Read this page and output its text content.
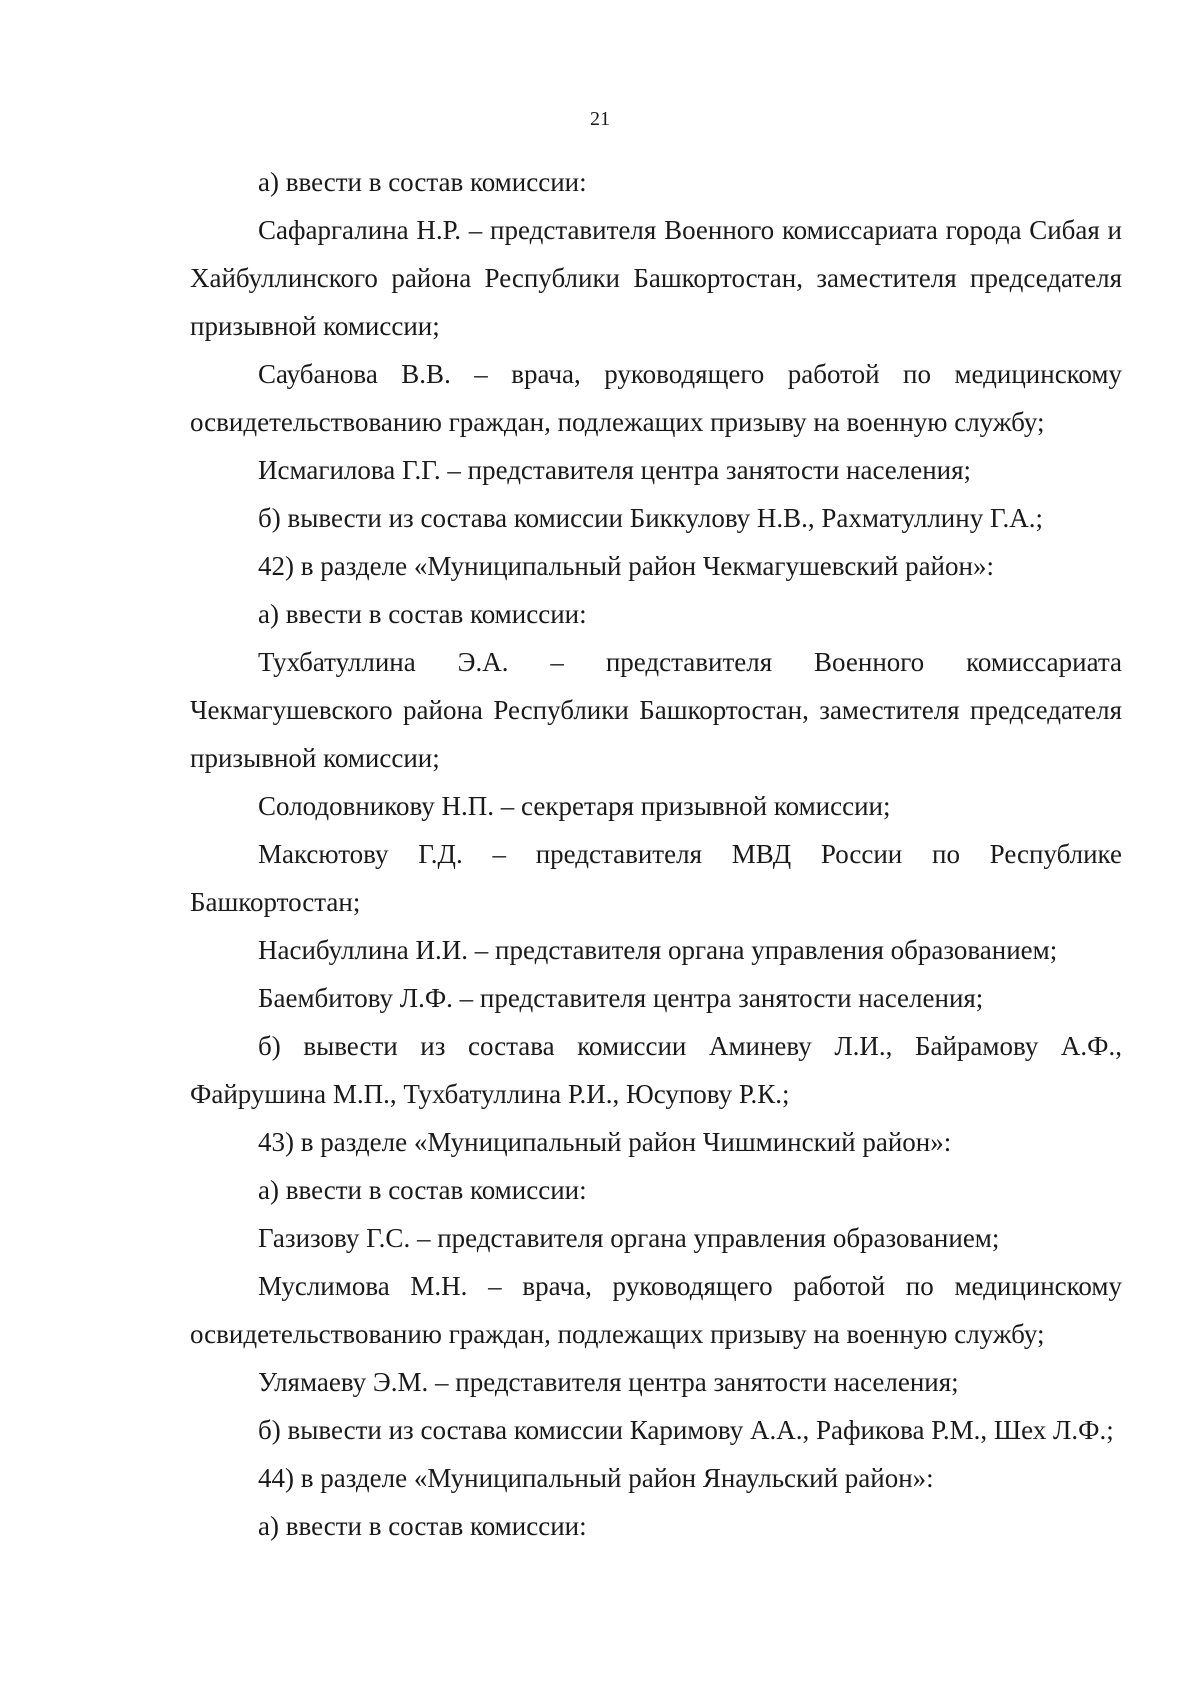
21

а) ввести в состав комиссии:

Сафаргалина Н.Р. – представителя Военного комиссариата города Сибая и Хайбуллинского района Республики Башкортостан, заместителя председателя призывной комиссии;

Саубанова В.В. – врача, руководящего работой по медицинскому освидетельствованию граждан, подлежащих призыву на военную службу;

Исмагилова Г.Г. – представителя центра занятости населения;

б) вывести из состава комиссии Биккулову Н.В., Рахматуллину Г.А.;

42) в разделе «Муниципальный район Чекмагушевский район»:

а) ввести в состав комиссии:

Тухбатуллина Э.А. – представителя Военного комиссариата Чекмагушевского района Республики Башкортостан, заместителя председателя призывной комиссии;

Солодовникову Н.П. – секретаря призывной комиссии;

Максютову Г.Д. – представителя МВД России по Республике Башкортостан;

Насибуллина И.И. – представителя органа управления образованием;

Баембитову Л.Ф. – представителя центра занятости населения;

б) вывести из состава комиссии Аминеву Л.И., Байрамову А.Ф., Файрушина М.П., Тухбатуллина Р.И., Юсупову Р.К.;

43) в разделе «Муниципальный район Чишминский район»:

а) ввести в состав комиссии:

Газизову Г.С. – представителя органа управления образованием;

Муслимова М.Н. – врача, руководящего работой по медицинскому освидетельствованию граждан, подлежащих призыву на военную службу;

Улямаеву Э.М. – представителя центра занятости населения;

б) вывести из состава комиссии Каримову А.А., Рафикова Р.М., Шех Л.Ф.;

44) в разделе «Муниципальный район Янаульский район»:

а) ввести в состав комиссии:
